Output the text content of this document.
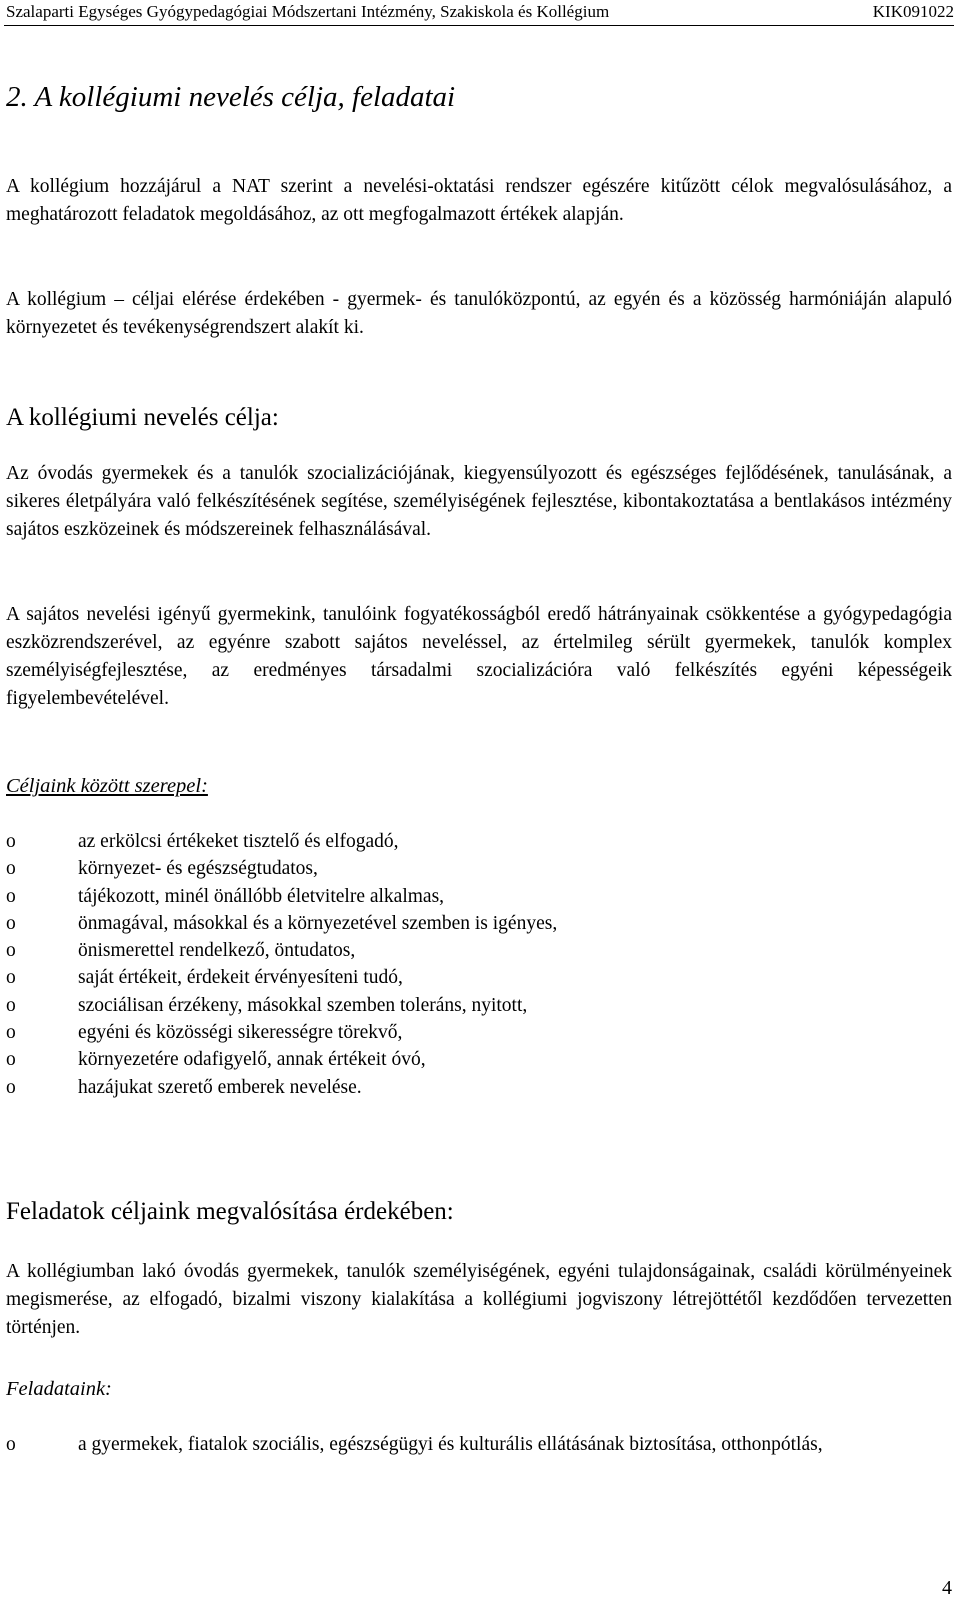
Szalaparti Egységes Gyógypedagógiai Módszertani Intézmény, Szakiskola és Kollégium	KIK091022
2. A kollégiumi nevelés célja, feladatai
A kollégium hozzájárul a NAT szerint a nevelési-oktatási rendszer egészére kitűzött célok megvalósulásához, a meghatározott feladatok megoldásához, az ott megfogalmazott értékek alapján.
A kollégium – céljai elérése érdekében - gyermek- és tanulóközpontú, az egyén és a közösség harmóniáján alapuló környezetet és tevékenységrendszert alakít ki.
A kollégiumi nevelés célja:
Az óvodás gyermekek és a tanulók szocializációjának, kiegyensúlyozott és egészséges fejlődésének, tanulásának, a sikeres életpályára való felkészítésének segítése, személyiségének fejlesztése, kibontakoztatása a bentlakásos intézmény sajátos eszközeinek és módszereinek felhasználásával.
A sajátos nevelési igényű gyermekink, tanulóink fogyatékosságból eredő hátrányainak csökkentése a gyógypedagógia eszközrendszerével, az egyénre szabott sajátos neveléssel, az értelmileg sérült gyermekek, tanulók komplex személyiségfejlesztése, az eredményes társadalmi szocializációra való felkészítés egyéni képességeik figyelembevételével.
Céljaink között szerepel:
o	az erkölcsi értékeket tisztelő és elfogadó,
o	környezet- és egészségtudatos,
o	tájékozott, minél önállóbb életvitelre alkalmas,
o	önmagával, másokkal és a környezetével szemben is igényes,
o	önismerettel rendelkező, öntudatos,
o	saját értékeit, érdekeit érvényesíteni tudó,
o	szociálisan érzékeny, másokkal szemben toleráns, nyitott,
o	egyéni és közösségi sikerességre törekvő,
o	környezetére odafigyelő, annak értékeit óvó,
o	hazájukat szerető emberek nevelése.
Feladatok céljaink megvalósítása érdekében:
A kollégiumban lakó óvodás gyermekek, tanulók személyiségének, egyéni tulajdonságainak, családi körülményeinek megismerése, az elfogadó, bizalmi viszony kialakítása a kollégiumi jogviszony létrejöttétől kezdődően tervezetten történjen.
Feladataink:
o	a gyermekek, fiatalok szociális, egészségügyi és kulturális ellátásának biztosítása, otthonpótlás,
4
